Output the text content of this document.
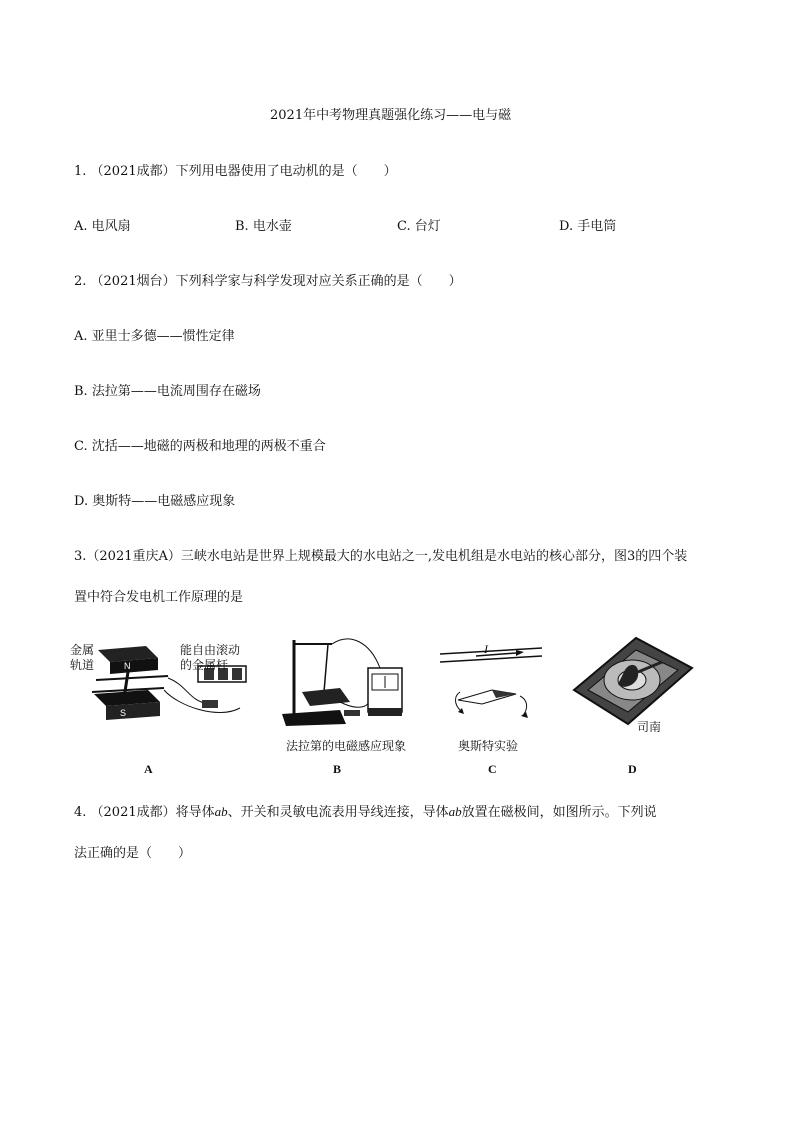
2021年中考物理真题强化练习——电与磁
1. （2021成都）下列用电器使用了电动机的是（　　）
A. 电风扇	B. 电水壶	C. 台灯	D. 手电筒
2. （2021烟台）下列科学家与科学发现对应关系正确的是（　　）
A. 亚里士多德——惯性定律
B. 法拉第——电流周围存在磁场
C. 沈括——地磁的两极和地理的两极不重合
D. 奥斯特——电磁感应现象
3.（2021重庆A）三峡水电站是世界上规模最大的水电站之一,发电机组是水电站的核心部分，图3的四个装
置中符合发电机工作原理的是
N
S
金属
轨道
能自由滚动
的金属杆
A
法拉第的电磁感应现象
B
I
奥斯特实验
C
司南
D
4. （2021成都）将导体ab、开关和灵敏电流表用导线连接，导体ab放置在磁极间，如图所示。下列说
法正确的是（　　）
